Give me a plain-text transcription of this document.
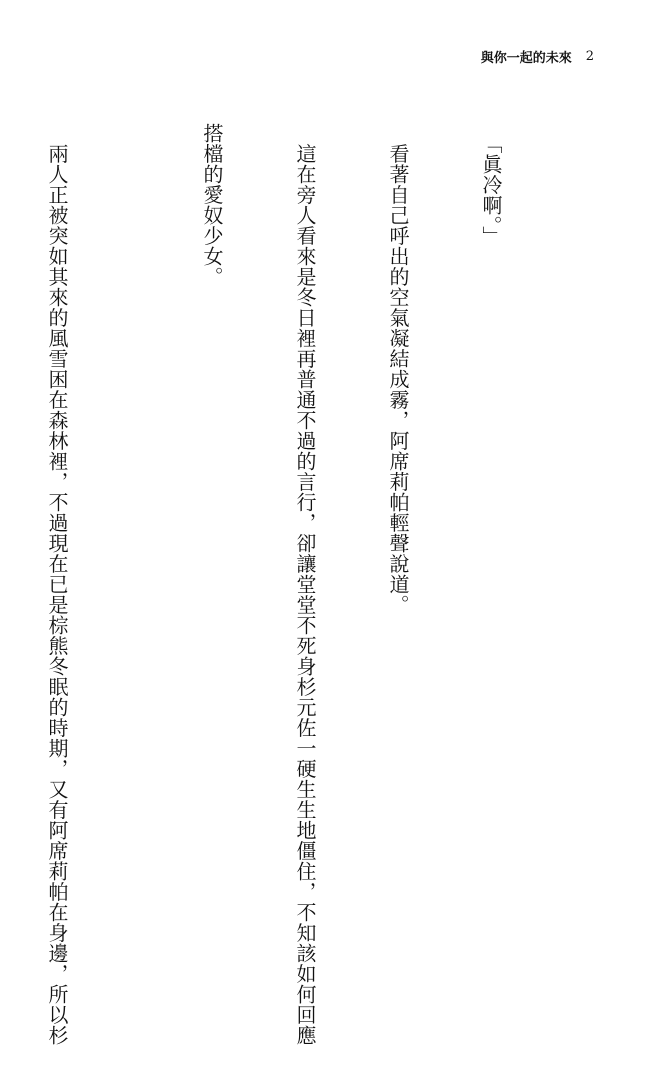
與你一起的未來 2

　「眞冷啊。」

　看著自己呼出的空氣凝結成霧，阿席莉帕輕聲說道。

　這在旁人看來是冬日裡再普通不過的言行，卻讓堂堂不死身杉元佐一硬生生地僵住，不知該如何回應

搭檔的愛奴少女。

　兩人正被突如其來的風雪困在森林裡，不過現在已是棕熊冬眠的時期，又有阿席莉帕在身邊，所以杉
